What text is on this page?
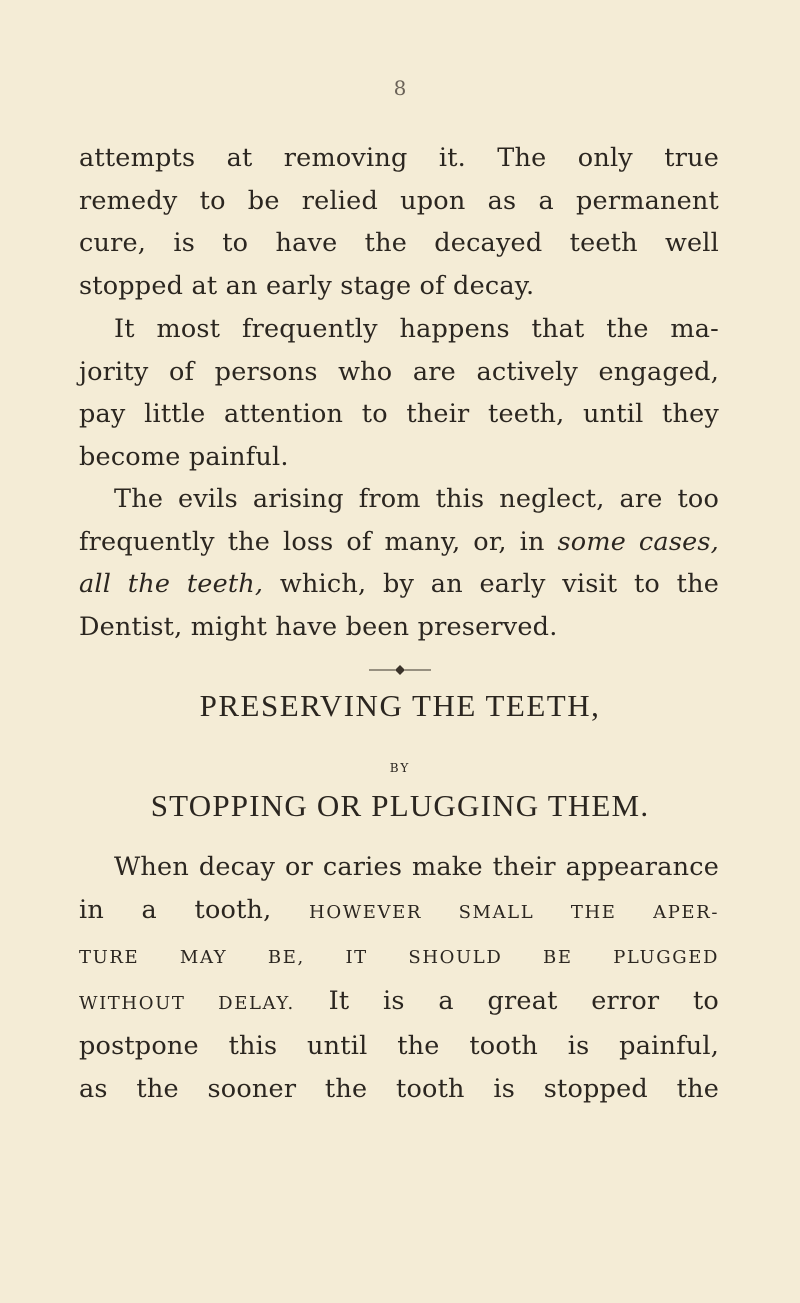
8

attempts at removing it. The only true
remedy to be relied upon as a permanent
cure, is to have the decayed teeth well
stopped at an early stage of decay.

It most frequently happens that the ma-
jority of persons who are actively engaged,
pay little attention to their teeth, until they
become painful.

The evils arising from this neglect, are too
frequently the loss of many, or, in some cases,
all the teeth, which, by an early visit to the
Dentist, might have been preserved.

PRESERVING THE TEETH,
BY
STOPPING OR PLUGGING THEM.

When decay or caries make their appearance
in a tooth, HOWEVER SMALL THE APER-
TURE MAY BE, IT SHOULD BE PLUGGED
WITHOUT DELAY. It is a great error to
postpone this until the tooth is painful,
as the sooner the tooth is stopped the
